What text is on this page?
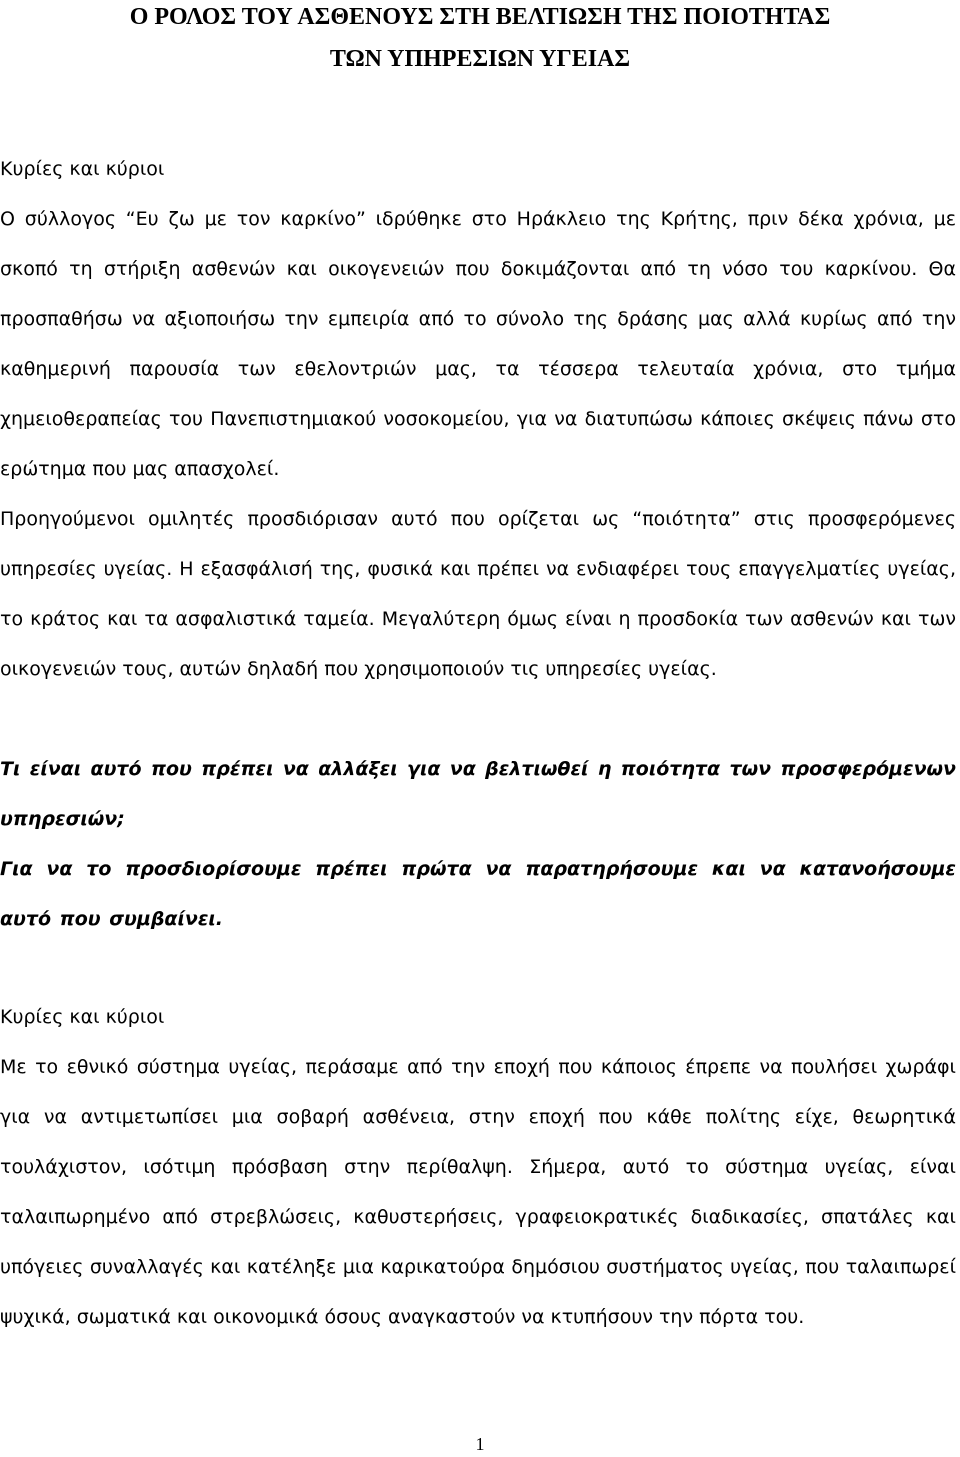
Ο ΡΟΛΟΣ ΤΟΥ ΑΣΘΕΝΟΥΣ ΣΤΗ ΒΕΛΤΙΩΣΗ ΤΗΣ ΠΟΙΟΤΗΤΑΣ
ΤΩΝ ΥΠΗΡΕΣΙΩΝ ΥΓΕΙΑΣ
Κυρίες και κύριοι
Ο σύλλογος “Ευ ζω με τον καρκίνο” ιδρύθηκε στο Ηράκλειο της Κρήτης, πριν δέκα χρόνια, με σκοπό τη στήριξη ασθενών και οικογενειών που δοκιμάζονται από τη νόσο του καρκίνου. Θα προσπαθήσω να αξιοποιήσω την εμπειρία από το σύνολο της δράσης μας αλλά κυρίως από την καθημερινή παρουσία των εθελοντριών μας, τα τέσσερα τελευταία χρόνια, στο τμήμα χημειοθεραπείας του Πανεπιστημιακού νοσοκομείου, για να διατυπώσω κάποιες σκέψεις πάνω στο ερώτημα που μας απασχολεί.
Προηγούμενοι ομιλητές προσδιόρισαν αυτό που ορίζεται ως “ποιότητα” στις προσφερόμενες υπηρεσίες υγείας. Η εξασφάλισή της, φυσικά και πρέπει να ενδιαφέρει τους επαγγελματίες υγείας, το κράτος και τα ασφαλιστικά ταμεία. Μεγαλύτερη όμως είναι η προσδοκία των ασθενών και των οικογενειών τους, αυτών δηλαδή που χρησιμοποιούν τις υπηρεσίες υγείας.
Τι είναι αυτό που πρέπει να αλλάξει για να βελτιωθεί η ποιότητα των προσφερόμενων υπηρεσιών;
Για να το προσδιορίσουμε πρέπει πρώτα να παρατηρήσουμε και να κατανοήσουμε αυτό που συμβαίνει.
Κυρίες και κύριοι
Με το εθνικό σύστημα υγείας, περάσαμε από την εποχή που κάποιος έπρεπε να πουλήσει χωράφι για να αντιμετωπίσει μια σοβαρή ασθένεια, στην εποχή που κάθε πολίτης είχε, θεωρητικά τουλάχιστον, ισότιμη πρόσβαση στην περίθαλψη. Σήμερα, αυτό το σύστημα υγείας, είναι ταλαιπωρημένο από στρεβλώσεις, καθυστερήσεις, γραφειοκρατικές διαδικασίες, σπατάλες και υπόγειες συναλλαγές και κατέληξε μια καρικατούρα δημόσιου συστήματος υγείας, που ταλαιπωρεί ψυχικά, σωματικά και οικονομικά όσους αναγκαστούν να κτυπήσουν την πόρτα του.
1
